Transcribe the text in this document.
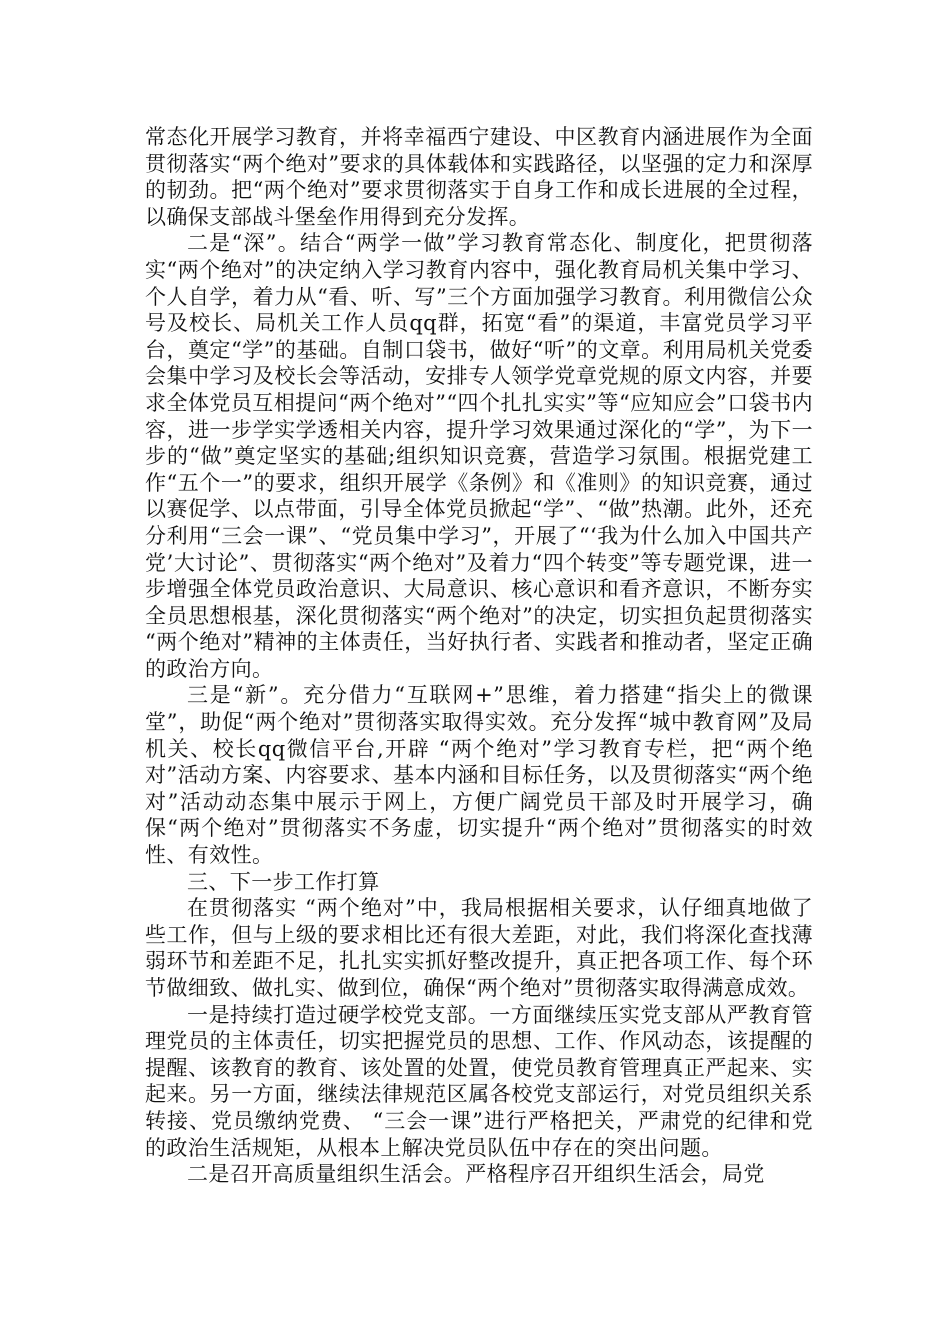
常态化开展学习教育，并将幸福西宁建设、中区教育内涵进展作为全面贯彻落实“两个绝对”要求的具体载体和实践路径，以坚强的定力和深厚的韧劲。把“两个绝对”要求贯彻落实于自身工作和成长进展的全过程，以确保支部战斗堡垒作用得到充分发挥。

二是“深”。结合“两学一做”学习教育常态化、制度化，把贯彻落实“两个绝对”的决定纳入学习教育内容中，强化教育局机关集中学习、个人自学，着力从“看、听、写”三个方面加强学习教育。利用微信公众号及校长、局机关工作人员qq群，拓宽“看”的渠道，丰富党员学习平台，奠定“学”的基础。自制口袋书，做好“听”的文章。利用局机关党委会集中学习及校长会等活动，安排专人领学党章党规的原文内容，并要求全体党员互相提问“两个绝对”“四个扎扎实实”等“应知应会”口袋书内容，进一步学实学透相关内容，提升学习效果通过深化的“学”，为下一步的“做”奠定坚实的基础;组织知识竞赛，营造学习氛围。根据党建工作“五个一”的要求，组织开展学《条例》和《准则》的知识竞赛，通过以赛促学、以点带面，引导全体党员掀起“学”、“做”热潮。此外，还充分利用“三会一课”、“党员集中学习”，开展了“‘我为什么加入中国共产党’大讨论”、贯彻落实“两个绝对”及着力“四个转变”等专题党课，进一步增强全体党员政治意识、大局意识、核心意识和看齐意识，不断夯实全员思想根基，深化贯彻落实“两个绝对”的决定，切实担负起贯彻落实 “两个绝对”精神的主体责任，当好执行者、实践者和推动者，坚定正确的政治方向。

三是“新”。充分借力“互联网+”思维，着力搭建“指尖上的微课堂”，助促“两个绝对”贯彻落实取得实效。充分发挥“城中教育网”及局机关、校长qq微信平台,开辟 “两个绝对”学习教育专栏，把“两个绝对”活动方案、内容要求、基本内涵和目标任务，以及贯彻落实“两个绝对”活动动态集中展示于网上，方便广阔党员干部及时开展学习，确保“两个绝对”贯彻落实不务虚，切实提升“两个绝对”贯彻落实的时效性、有效性。

三、下一步工作打算

在贯彻落实 “两个绝对”中，我局根据相关要求，认仔细真地做了些工作，但与上级的要求相比还有很大差距，对此，我们将深化查找薄弱环节和差距不足，扎扎实实抓好整改提升，真正把各项工作、每个环节做细致、做扎实、做到位，确保“两个绝对”贯彻落实取得满意成效。

一是持续打造过硬学校党支部。一方面继续压实党支部从严教育管理党员的主体责任，切实把握党员的思想、工作、作风动态，该提醒的提醒、该教育的教育、该处置的处置，使党员教育管理真正严起来、实起来。另一方面，继续法律规范区属各校党支部运行，对党员组织关系转接、党员缴纳党费、 “三会一课”进行严格把关，严肃党的纪律和党的政治生活规矩，从根本上解决党员队伍中存在的突出问题。

二是召开高质量组织生活会。严格程序召开组织生活会，局党
